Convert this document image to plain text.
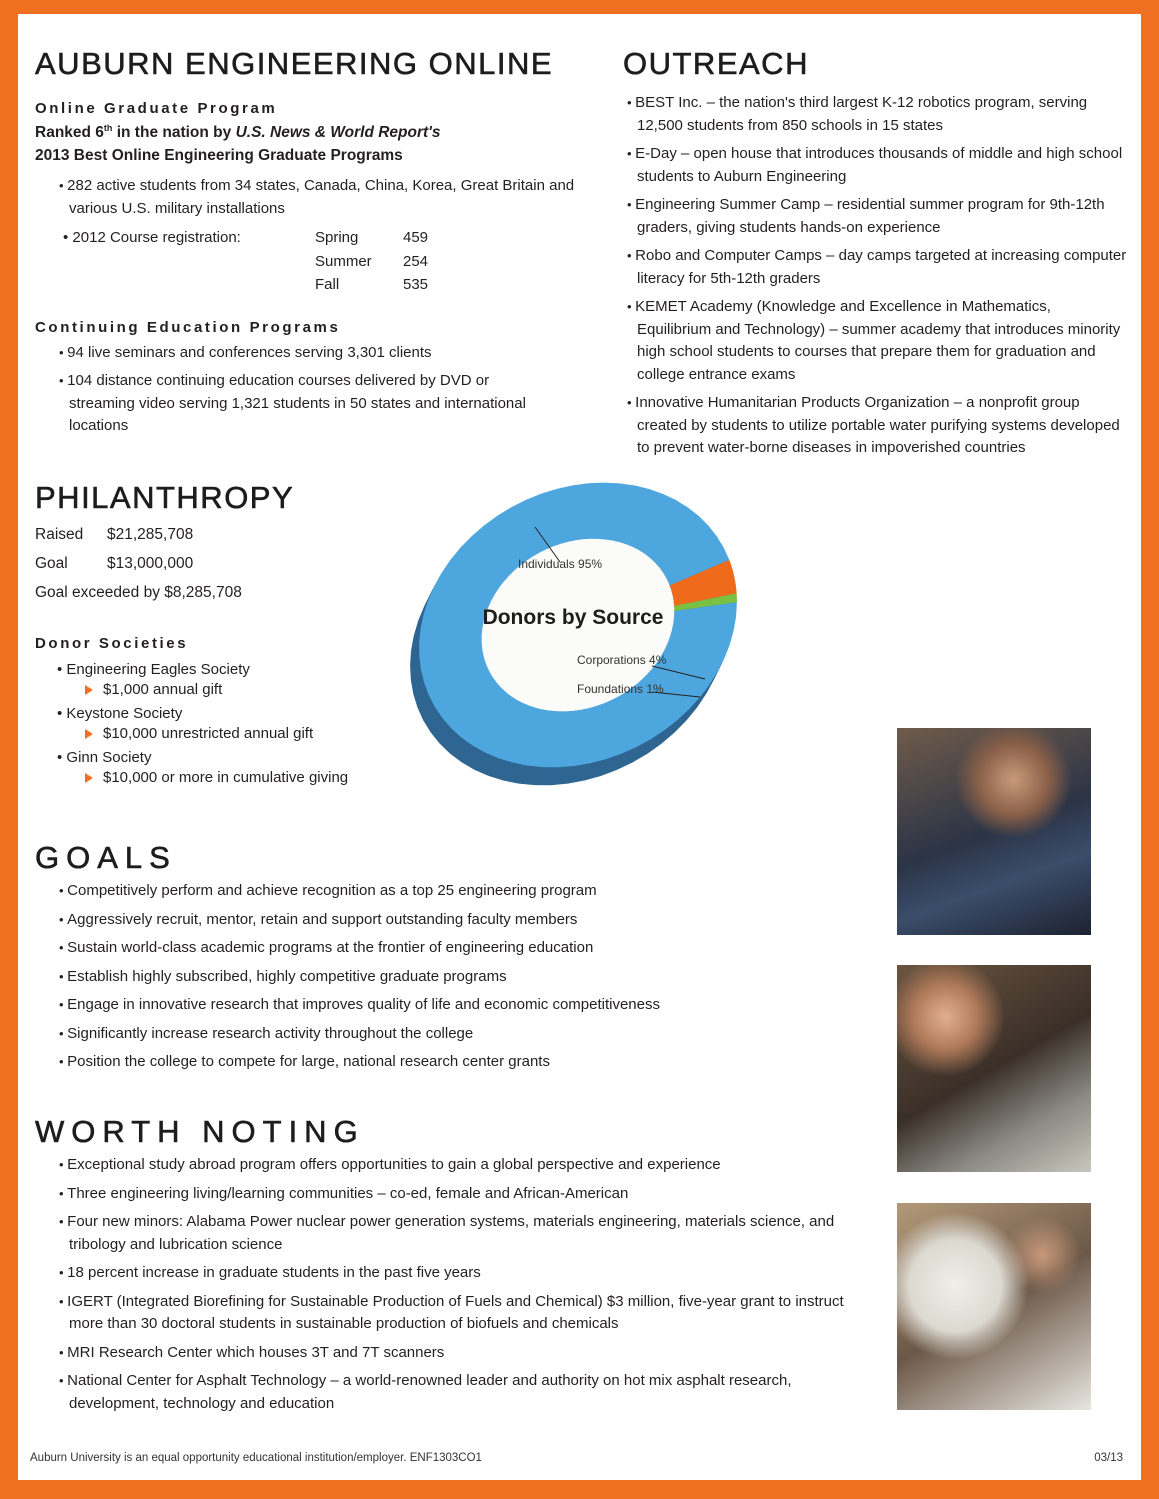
AUBURN ENGINEERING ONLINE
Online Graduate Program
Ranked 6th in the nation by U.S. News & World Report's
2013 Best Online Engineering Graduate Programs
• 282 active students from 34 states, Canada, China, Korea, Great Britain and various U.S. military installations
• 2012 Course registration:	Spring	459
Summer	254
Fall	535
Continuing Education Programs
• 94 live seminars and conferences serving 3,301 clients
• 104 distance continuing education courses delivered by DVD or streaming video serving 1,321 students in 50 states and international locations
OUTREACH
• BEST Inc. – the nation's third largest K-12 robotics program, serving 12,500 students from 850 schools in 15 states
• E-Day – open house that introduces thousands of middle and high school students to Auburn Engineering
• Engineering Summer Camp – residential summer program for 9th-12th graders, giving students hands-on experience
• Robo and Computer Camps – day camps targeted at increasing computer literacy for 5th-12th graders
• KEMET Academy (Knowledge and Excellence in Mathematics, Equilibrium and Technology) – summer academy that introduces minority high school students to courses that prepare them for graduation and college entrance exams
• Innovative Humanitarian Products Organization – a nonprofit group created by students to utilize portable water purifying systems developed to prevent water-borne diseases in impoverished countries
PHILANTHROPY
Raised $21,285,708
Goal	$13,000,000
Goal exceeded by $8,285,708
Donor Societies
• Engineering Eagles Society
$1,000 annual gift
• Keystone Society
$10,000 unrestricted annual gift
• Ginn Society
$10,000 or more in cumulative giving
Donors by Source
Individuals 95%
Corporations 4%
Foundations 1%
GOALS
• Competitively perform and achieve recognition as a top 25 engineering program
• Aggressively recruit, mentor, retain and support outstanding faculty members
• Sustain world-class academic programs at the frontier of engineering education
• Establish highly subscribed, highly competitive graduate programs
• Engage in innovative research that improves quality of life and economic competitiveness
• Significantly increase research activity throughout the college
• Position the college to compete for large, national research center grants
WORTH NOTING
• Exceptional study abroad program offers opportunities to gain a global perspective and experience
• Three engineering living/learning communities – co-ed, female and African-American
• Four new minors: Alabama Power nuclear power generation systems, materials engineering, materials science, and tribology and lubrication science
• 18 percent increase in graduate students in the past five years
• IGERT (Integrated Biorefining for Sustainable Production of Fuels and Chemical) $3 million, five-year grant to instruct more than 30 doctoral students in sustainable production of biofuels and chemicals
• MRI Research Center which houses 3T and 7T scanners
• National Center for Asphalt Technology – a world-renowned leader and authority on hot mix asphalt research, development, technology and education
Auburn University is an equal opportunity educational institution/employer. ENF1303CO1	03/13
